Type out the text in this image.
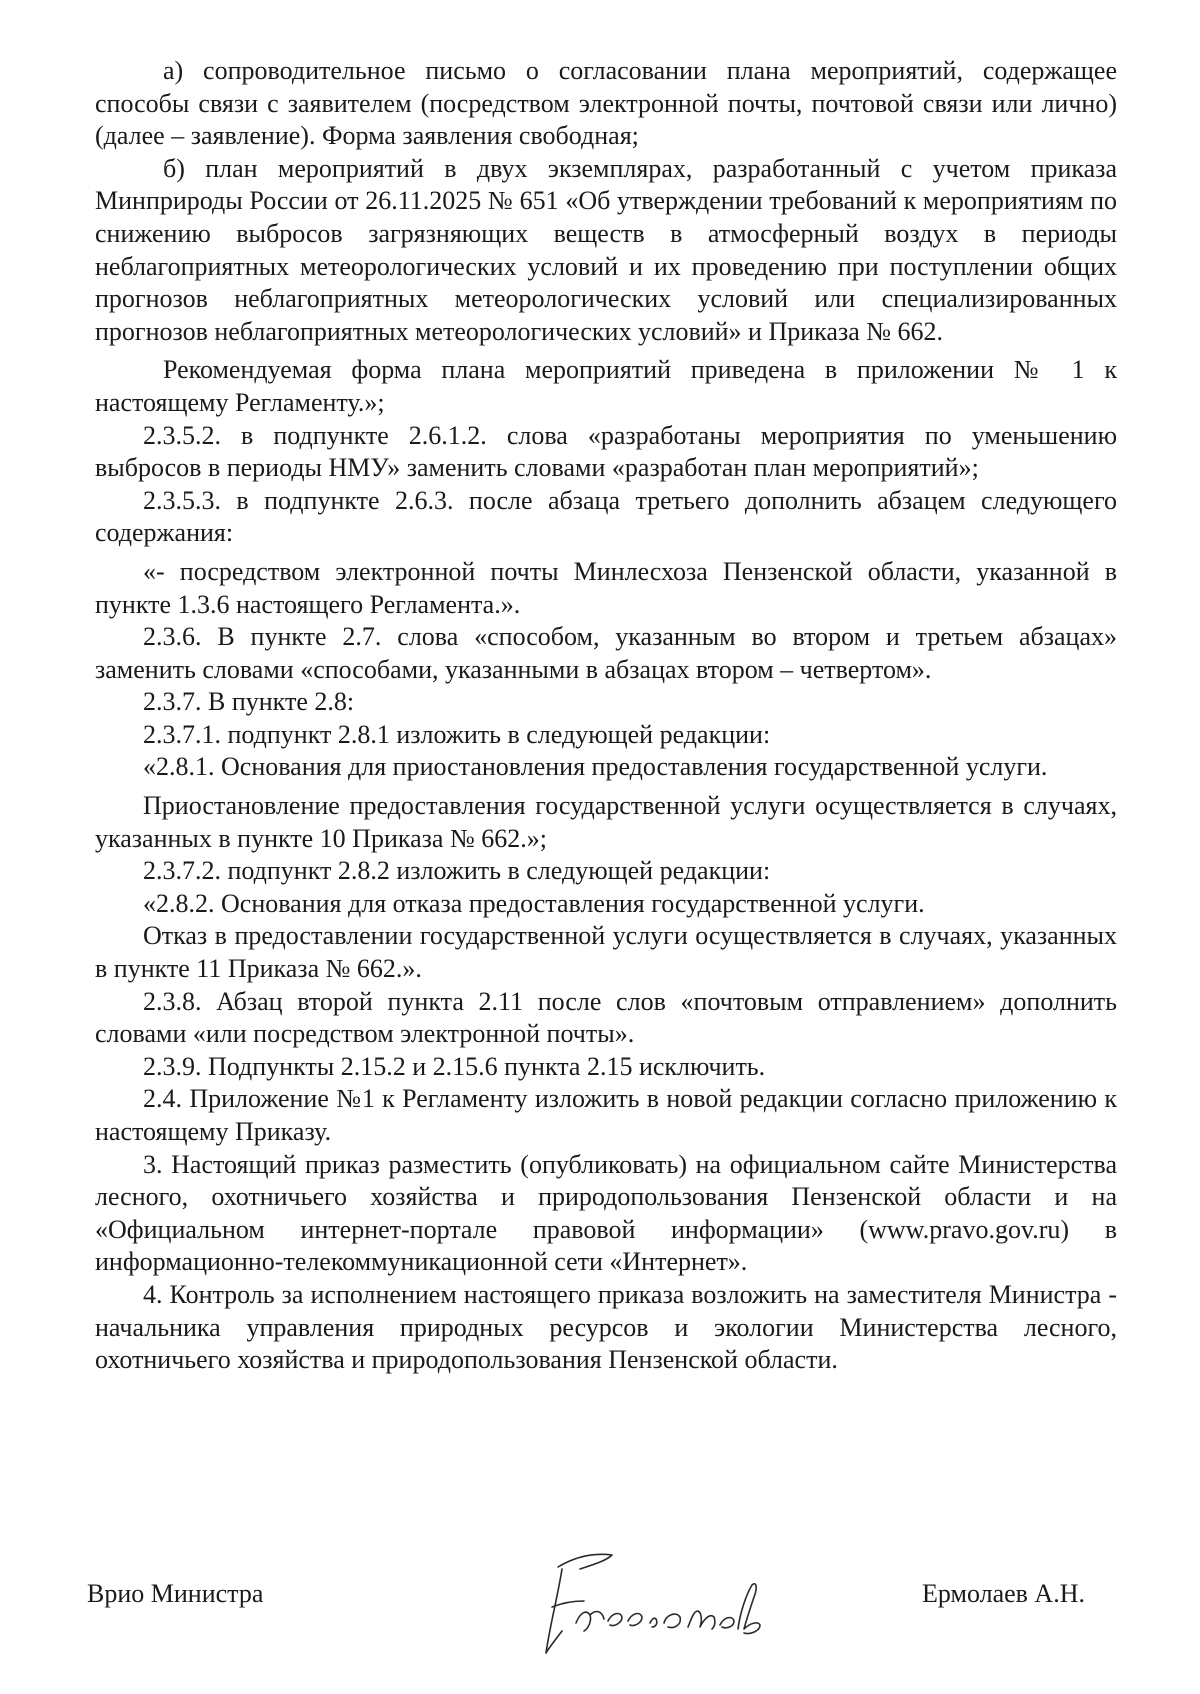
а) сопроводительное письмо о согласовании плана мероприятий, содержащее способы связи с заявителем (посредством электронной почты, почтовой связи или лично) (далее – заявление). Форма заявления свободная;

б) план мероприятий в двух экземплярах, разработанный с учетом приказа Минприроды России от 26.11.2025 № 651 «Об утверждении требований к мероприятиям по снижению выбросов загрязняющих веществ в атмосферный воздух в периоды неблагоприятных метеорологических условий и их проведению при поступлении общих прогнозов неблагоприятных метеорологических условий или специализированных прогнозов неблагоприятных метеорологических условий» и Приказа № 662.

Рекомендуемая форма плана мероприятий приведена в приложении № 1 к настоящему Регламенту.»;

2.3.5.2. в подпункте 2.6.1.2. слова «разработаны мероприятия по уменьшению выбросов в периоды НМУ» заменить словами «разработан план мероприятий»;

2.3.5.3. в подпункте 2.6.3. после абзаца третьего дополнить абзацем следующего содержания:

«- посредством электронной почты Минлесхоза Пензенской области, указанной в пункте 1.3.6 настоящего Регламента.».

2.3.6. В пункте 2.7. слова «способом, указанным во втором и третьем абзацах» заменить словами «способами, указанными в абзацах втором – четвертом».

2.3.7. В пункте 2.8:

2.3.7.1. подпункт 2.8.1 изложить в следующей редакции:

«2.8.1. Основания для приостановления предоставления государственной услуги.

Приостановление предоставления государственной услуги осуществляется в случаях, указанных в пункте 10 Приказа № 662.»;

2.3.7.2. подпункт 2.8.2 изложить в следующей редакции:

«2.8.2. Основания для отказа предоставления государственной услуги.

Отказ в предоставлении государственной услуги осуществляется в случаях, указанных в пункте 11 Приказа № 662.».

2.3.8. Абзац второй пункта 2.11 после слов «почтовым отправлением» дополнить словами «или посредством электронной почты».

2.3.9. Подпункты 2.15.2 и 2.15.6 пункта 2.15 исключить.

2.4. Приложение №1 к Регламенту изложить в новой редакции согласно приложению к настоящему Приказу.

3. Настоящий приказ разместить (опубликовать) на официальном сайте Министерства лесного, охотничьего хозяйства и природопользования Пензенской области и на «Официальном интернет-портале правовой информации» (www.pravo.gov.ru) в информационно-телекоммуникационной сети «Интернет».

4. Контроль за исполнением настоящего приказа возложить на заместителя Министра - начальника управления природных ресурсов и экологии Министерства лесного, охотничьего хозяйства и природопользования Пензенской области.

Врио Министра	Ермолаев А.Н.
